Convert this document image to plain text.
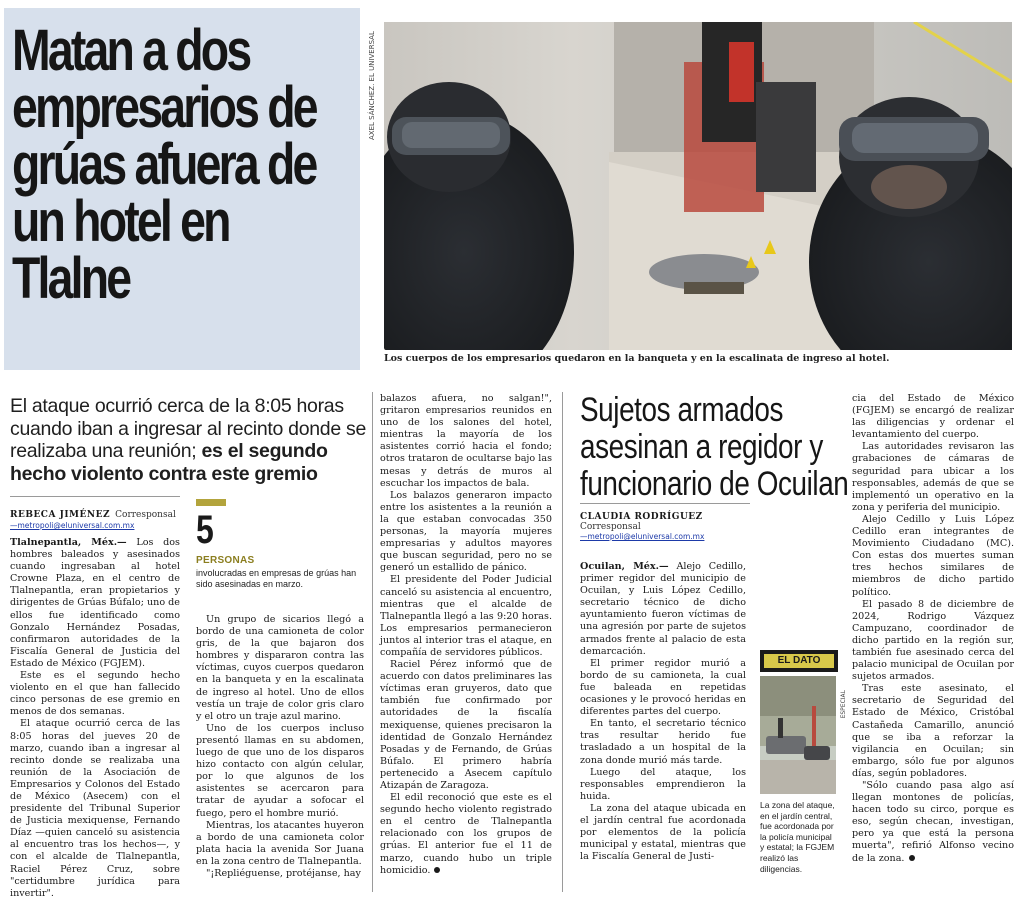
Matan a dos empresarios de grúas afuera de un hotel en Tlalne
AXEL SÁNCHEZ. EL UNIVERSAL
Los cuerpos de los empresarios quedaron en la banqueta y en la escalinata de ingreso al hotel.
El ataque ocurrió cerca de la 8:05 horas cuando iban a ingresar al recinto donde se realizaba una reunión; es el segundo hecho violento contra este gremio
REBECA JIMÉNEZ Corresponsal
—metropoli@eluniversal.com.mx	5
PERSONAS
involucradas en empresas de grúas han sido asesinadas en marzo.

Tlalnepantla, Méx.— Los dos hombres baleados y asesinados cuando ingresaban al hotel Crowne Plaza, en el centro de Tlalnepantla, eran propietarios y dirigentes de Grúas Búfalo; uno de ellos fue identificado como Gonzalo Hernández Posadas, confirmaron autoridades de la Fiscalía General de Justicia del Estado de México (FGJEM).

Este es el segundo hecho violento en el que han fallecido cinco personas de ese gremio en menos de dos semanas.

El ataque ocurrió cerca de las 8:05 horas del jueves 20 de marzo, cuando iban a ingresar al recinto donde se realizaba una reunión de la Asociación de Empresarios y Colonos del Estado de México (Asecem) con el presidente del Tribunal Superior de Justicia mexiquense, Fernando Díaz —quien canceló su asistencia al encuentro tras los hechos—, y con el alcalde de Tlalnepantla, Raciel Pérez Cruz, sobre "certidumbre jurídica para invertir".

Un grupo de sicarios llegó a bordo de una camioneta de color gris, de la que bajaron dos hombres y dispararon contra las víctimas, cuyos cuerpos quedaron en la banqueta y en la escalinata de ingreso al hotel. Uno de ellos vestía un traje de color gris claro y el otro un traje azul marino.

Uno de los cuerpos incluso presentó llamas en su abdomen, luego de que uno de los disparos hizo contacto con algún celular, por lo que algunos de los asistentes se acercaron para tratar de ayudar a sofocar el fuego, pero el hombre murió.

Mientras, los atacantes huyeron a bordo de una camioneta color plata hacia la avenida Sor Juana en la zona centro de Tlalnepantla.

"¡Repliéguense, protéjanse, hay

balazos afuera, no salgan!", gritaron empresarios reunidos en uno de los salones del hotel, mientras la mayoría de los asistentes corrió hacia el fondo; otros trataron de ocultarse bajo las mesas y detrás de muros al escuchar los impactos de bala.

Los balazos generaron impacto entre los asistentes a la reunión a la que estaban convocadas 350 personas, la mayoría mujeres empresarias y adultos mayores que buscan seguridad, pero no se generó un estallido de pánico.

El presidente del Poder Judicial canceló su asistencia al encuentro, mientras que el alcalde de Tlalnepantla llegó a las 9:20 horas. Los empresarios permanecieron juntos al interior tras el ataque, en compañía de servidores públicos.

Raciel Pérez informó que de acuerdo con datos preliminares las víctimas eran gruyeros, dato que también fue confirmado por autoridades de la fiscalía mexiquense, quienes precisaron la identidad de Gonzalo Hernández Posadas y de Fernando, de Grúas Búfalo. El primero habría pertenecido a Asecem capítulo Atizapán de Zaragoza.

El edil reconoció que este es el segundo hecho violento registrado en el centro de Tlalnepantla relacionado con los grupos de grúas. El anterior fue el 11 de marzo, cuando hubo un triple homicidio.

Sujetos armados asesinan a regidor y funcionario de Ocuilan
CLAUDIA RODRÍGUEZ
Corresponsal
—metropoli@eluniversal.com.mx

Ocuilan, Méx.— Alejo Cedillo, primer regidor del municipio de Ocuilan, y Luis López Cedillo, secretario técnico de dicho ayuntamiento fueron víctimas de una agresión por parte de sujetos armados frente al palacio de esta demarcación.

El primer regidor murió a bordo de su camioneta, la cual fue baleada en repetidas ocasiones y le provocó heridas en diferentes partes del cuerpo.

En tanto, el secretario técnico tras resultar herido fue trasladado a un hospital de la zona donde murió más tarde.

Luego del ataque, los responsables emprendieron la huida.

La zona del ataque ubicada en el jardín central fue acordonada por elementos de la policía municipal y estatal, mientras que la Fiscalía General de Justi-

EL DATO
La zona del ataque, en el jardín central, fue acordonada por la policía municipal y estatal; la FGJEM realizó las diligencias.
ESPECIAL

cia del Estado de México (FGJEM) se encargó de realizar las diligencias y ordenar el levantamiento del cuerpo.

Las autoridades revisaron las grabaciones de cámaras de seguridad para ubicar a los responsables, además de que se implementó un operativo en la zona y periferia del municipio.

Alejo Cedillo y Luis López Cedillo eran integrantes de Movimiento Ciudadano (MC). Con estas dos muertes suman tres hechos similares de miembros de dicho partido político.

El pasado 8 de diciembre de 2024, Rodrigo Vázquez Campuzano, coordinador de dicho partido en la región sur, también fue asesinado cerca del palacio municipal de Ocuilan por sujetos armados.

Tras este asesinato, el secretario de Seguridad del Estado de México, Cristóbal Castañeda Camarillo, anunció que se iba a reforzar la vigilancia en Ocuilan; sin embargo, sólo fue por algunos días, según pobladores.

"Sólo cuando pasa algo así llegan montones de policías, hacen todo su circo, porque es eso, según checan, investigan, pero ya que está la persona muerta", refirió Alfonso vecino de la zona.
